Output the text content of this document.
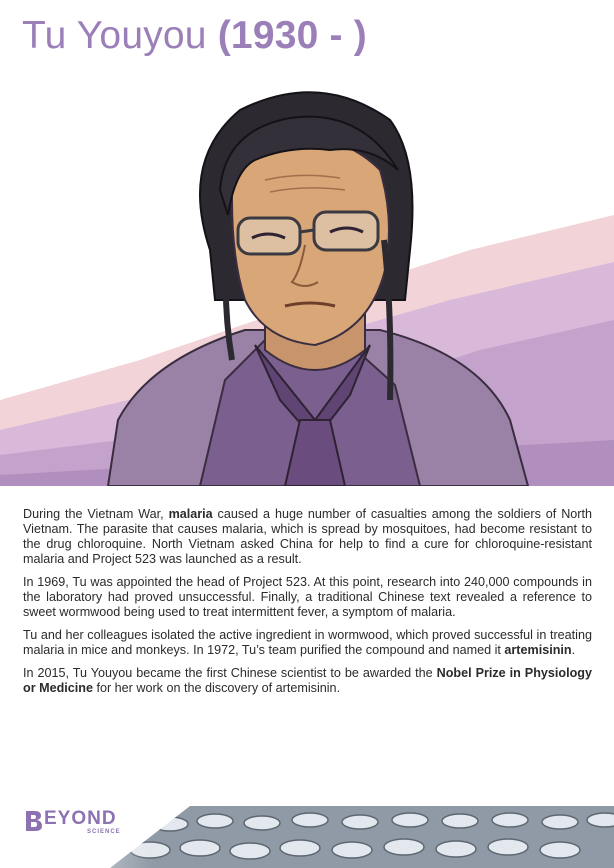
Tu Youyou (1930 - )

During the Vietnam War, malaria caused a huge number of casualties among the soldiers of North Vietnam. The parasite that causes malaria, which is spread by mosquitoes, had become resistant to the drug chloroquine. North Vietnam asked China for help to find a cure for chloroquine-resistant malaria and Project 523 was launched as a result.

In 1969, Tu was appointed the head of Project 523. At this point, research into 240,000 compounds in the laboratory had proved unsuccessful. Finally, a traditional Chinese text revealed a reference to sweet wormwood being used to treat intermittent fever, a symptom of malaria.

Tu and her colleagues isolated the active ingredient in wormwood, which proved successful in treating malaria in mice and monkeys. In 1972, Tu’s team purified the compound and named it artemisinin.

In 2015, Tu Youyou became the first Chinese scientist to be awarded the Nobel Prize in Physiology or Medicine for her work on the discovery of artemisinin.

EYOND
SCIENCE
